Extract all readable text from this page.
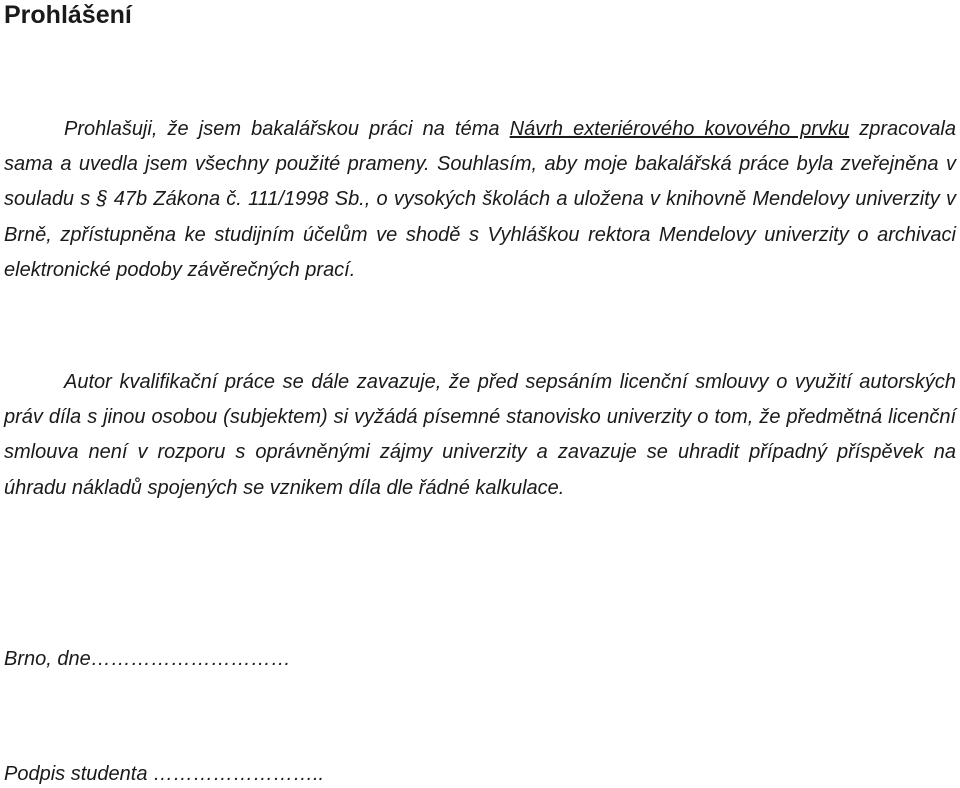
Prohlášení

Prohlašuji, že jsem bakalářskou práci na téma Návrh exteriérového kovového prvku zpracovala sama a uvedla jsem všechny použité prameny. Souhlasím, aby moje bakalářská práce byla zveřejněna v souladu s § 47b Zákona č. 111/1998 Sb., o vysokých školách a uložena v knihovně Mendelovy univerzity v Brně, zpřístupněna ke studijním účelům ve shodě s Vyhláškou rektora Mendelovy univerzity o archivaci elektronické podoby závěrečných prací.

Autor kvalifikační práce se dále zavazuje, že před sepsáním licenční smlouvy o využití autorských práv díla s jinou osobou (subjektem) si vyžádá písemné stanovisko univerzity o tom, že předmětná licenční smlouva není v rozporu s oprávněnými zájmy univerzity a zavazuje se uhradit případný příspěvek na úhradu nákladů spojených se vznikem díla dle řádné kalkulace.

Brno, dne…………………………

Podpis studenta ……………………..
